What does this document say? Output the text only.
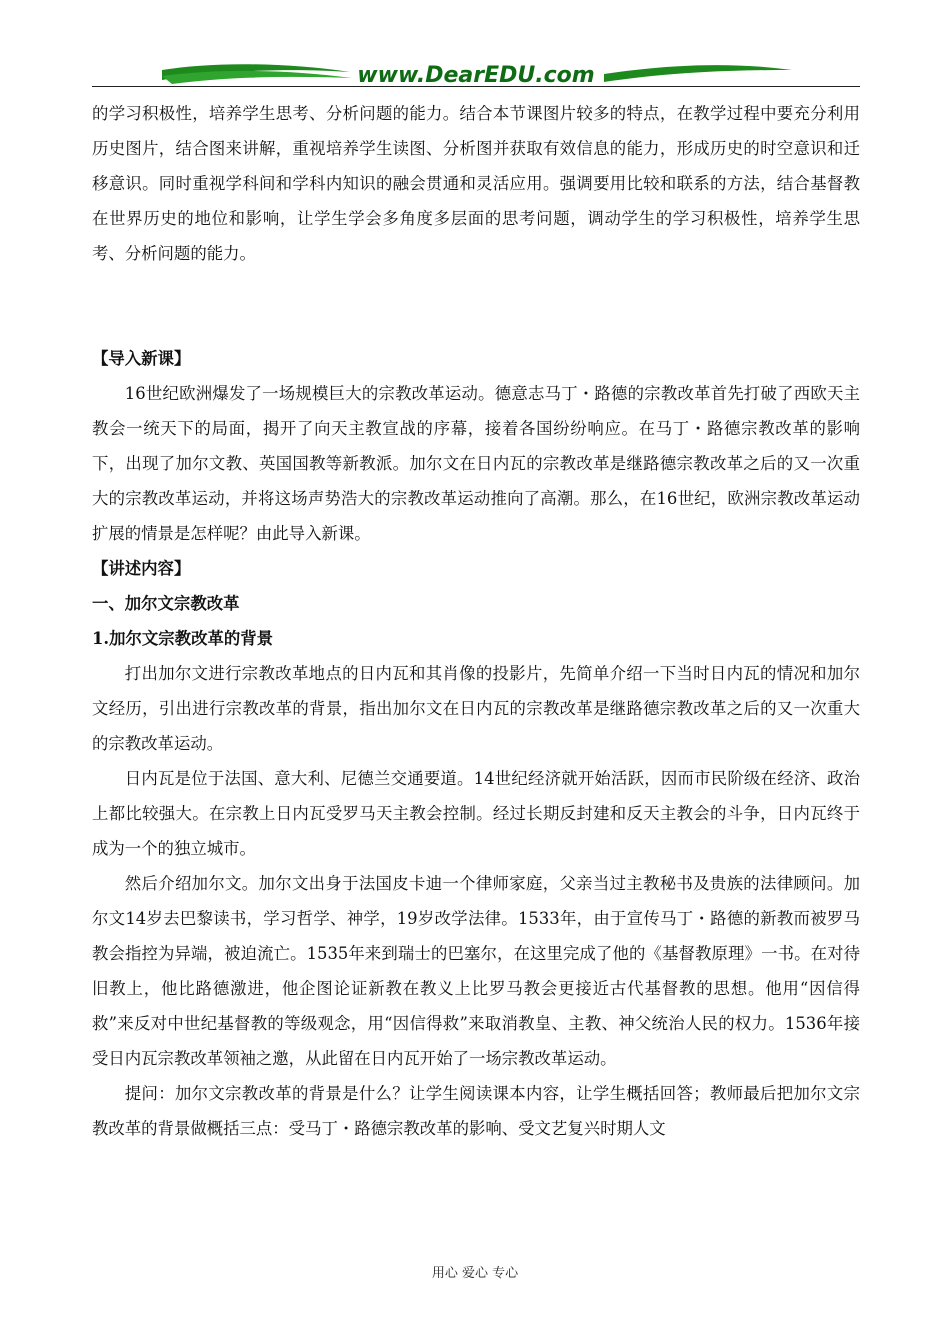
www.DearEDU.com

的学习积极性，培养学生思考、分析问题的能力。结合本节课图片较多的特点，在教学过程中要充分利用历史图片，结合图来讲解，重视培养学生读图、分析图并获取有效信息的能力，形成历史的时空意识和迁移意识。同时重视学科间和学科内知识的融会贯通和灵活应用。强调要用比较和联系的方法，结合基督教在世界历史的地位和影响，让学生学会多角度多层面的思考问题，调动学生的学习积极性，培养学生思考、分析问题的能力。

【导入新课】

16世纪欧洲爆发了一场规模巨大的宗教改革运动。德意志马丁・路德的宗教改革首先打破了西欧天主教会一统天下的局面，揭开了向天主教宣战的序幕，接着各国纷纷响应。在马丁・路德宗教改革的影响下，出现了加尔文教、英国国教等新教派。加尔文在日内瓦的宗教改革是继路德宗教改革之后的又一次重大的宗教改革运动，并将这场声势浩大的宗教改革运动推向了高潮。那么，在16世纪，欧洲宗教改革运动扩展的情景是怎样呢？由此导入新课。

【讲述内容】

一、加尔文宗教改革

1.加尔文宗教改革的背景

打出加尔文进行宗教改革地点的日内瓦和其肖像的投影片，先简单介绍一下当时日内瓦的情况和加尔文经历，引出进行宗教改革的背景，指出加尔文在日内瓦的宗教改革是继路德宗教改革之后的又一次重大的宗教改革运动。

日内瓦是位于法国、意大利、尼德兰交通要道。14世纪经济就开始活跃，因而市民阶级在经济、政治上都比较强大。在宗教上日内瓦受罗马天主教会控制。经过长期反封建和反天主教会的斗争，日内瓦终于成为一个的独立城市。

然后介绍加尔文。加尔文出身于法国皮卡迪一个律师家庭，父亲当过主教秘书及贵族的法律顾问。加尔文14岁去巴黎读书，学习哲学、神学，19岁改学法律。1533年，由于宣传马丁・路德的新教而被罗马教会指控为异端，被迫流亡。1535年来到瑞士的巴塞尔，在这里完成了他的《基督教原理》一书。在对待旧教上，他比路德激进，他企图论证新教在教义上比罗马教会更接近古代基督教的思想。他用“因信得救”来反对中世纪基督教的等级观念，用“因信得救”来取消教皇、主教、神父统治人民的权力。1536年接受日内瓦宗教改革领袖之邀，从此留在日内瓦开始了一场宗教改革运动。

提问：加尔文宗教改革的背景是什么？让学生阅读课本内容，让学生概括回答；教师最后把加尔文宗教改革的背景做概括三点：受马丁・路德宗教改革的影响、受文艺复兴时期人文

用心 爱心 专心
